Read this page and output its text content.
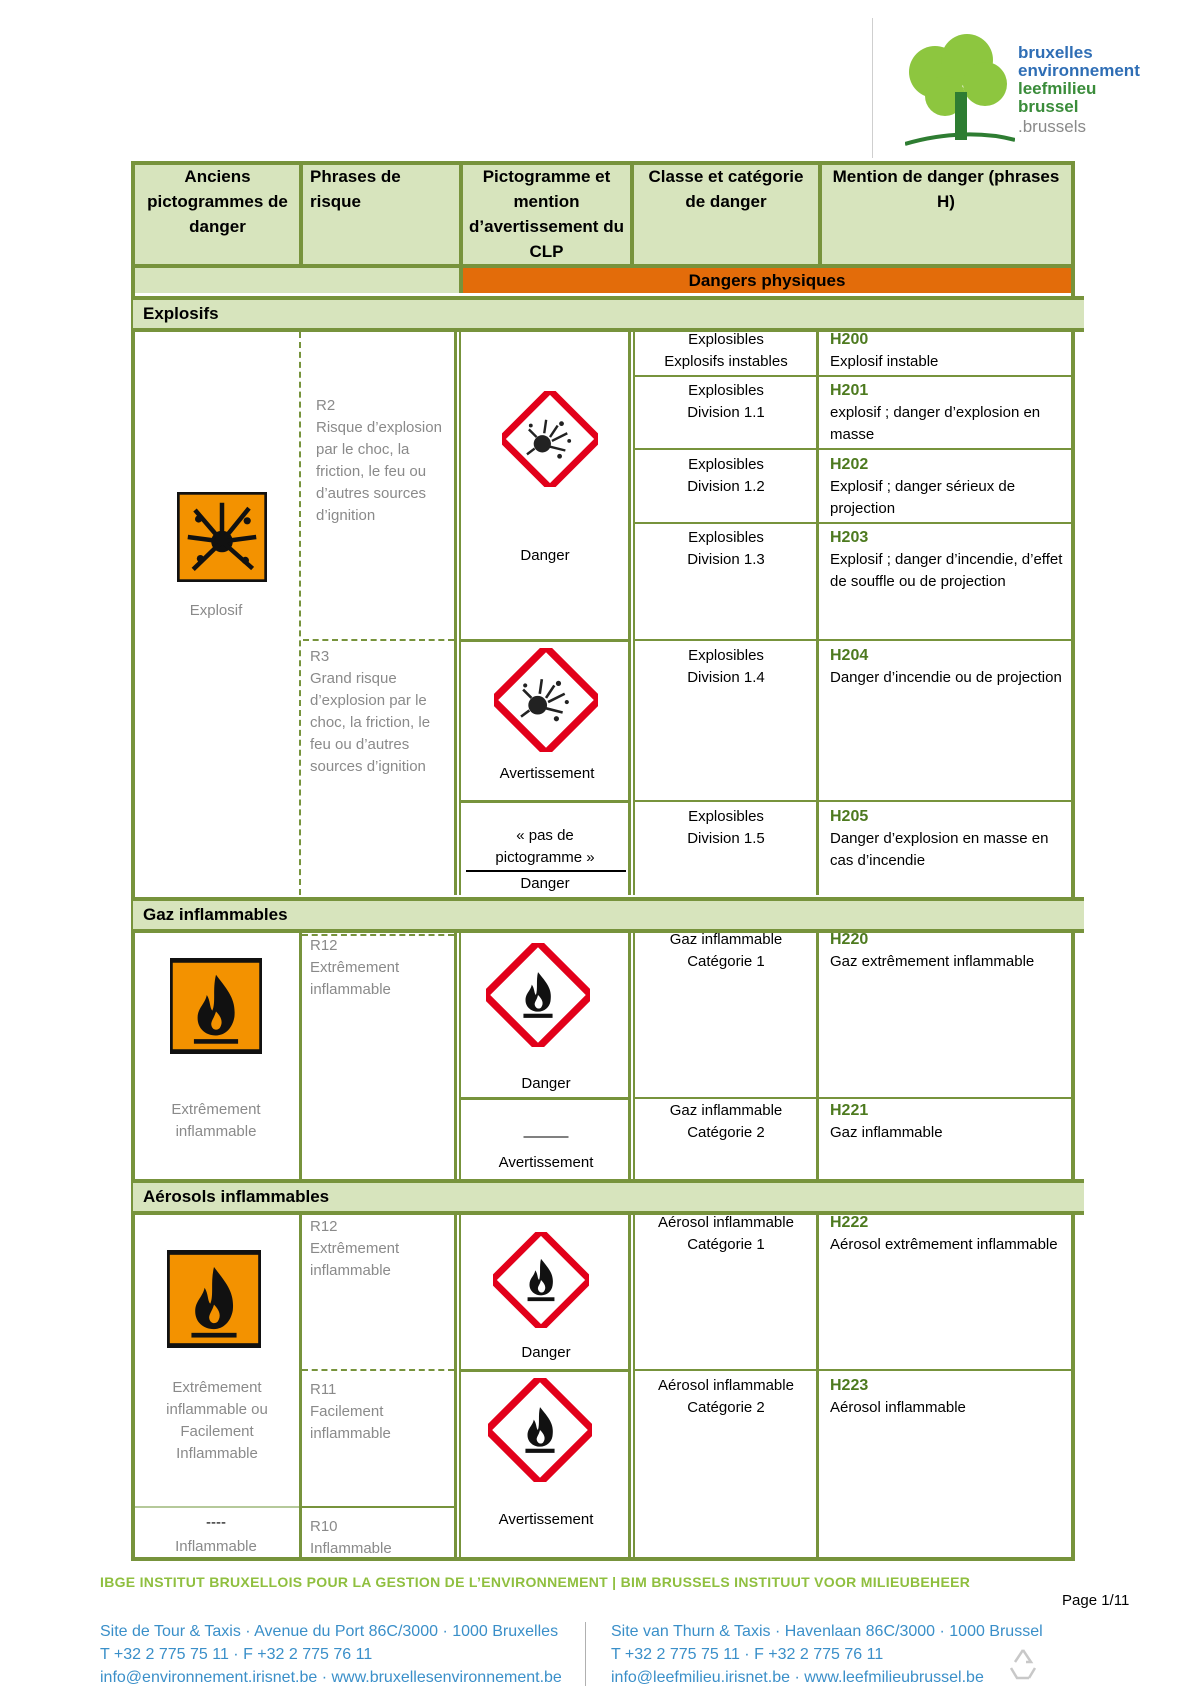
bruxelles
environnement
leefmilieu
brussel
.brussels
Anciens pictogrammes de danger
Phrases de risque
Pictogramme et mention d’avertissement du CLP
Classe et catégorie de danger
Mention de danger (phrases H)
Dangers physiques
Explosifs
Explosif
R2
Risque d’explosion par le choc, la friction, le feu ou d’autres sources d’ignition
R3
Grand risque d’explosion par le choc, la friction, le feu ou d’autres sources d’ignition
Danger
Avertissement
« pas de pictogramme »
Danger
Explosibles
Explosifs instables
H200
Explosif instable
Explosibles
Division 1.1
H201
explosif ; danger d’explosion en masse
Explosibles
Division 1.2
H202
Explosif ; danger sérieux de projection
Explosibles
Division 1.3
H203
Explosif ; danger d’incendie, d’effet de souffle ou de projection
Explosibles
Division 1.4
H204
Danger d’incendie ou de projection
Explosibles
Division 1.5
H205
Danger d’explosion en masse en cas d’incendie
Gaz inflammables
Extrêmement inflammable
R12
Extrêmement inflammable
Danger
———
Avertissement
Gaz inflammable
Catégorie 1
H220
Gaz extrêmement inflammable
Gaz inflammable
Catégorie 2
H221
Gaz inflammable
Aérosols inflammables
Extrêmement inflammable ou Facilement Inflammable
----
Inflammable
R12
Extrêmement inflammable
R11
Facilement inflammable
R10
Inflammable
Danger
Avertissement
Aérosol inflammable
Catégorie 1
H222
Aérosol extrêmement inflammable
Aérosol inflammable
Catégorie 2
H223
Aérosol inflammable
IBGE INSTITUT BRUXELLOIS POUR LA GESTION DE L’ENVIRONNEMENT | BIM BRUSSELS INSTITUUT VOOR MILIEUBEHEER
Page 1/11
Site de Tour & Taxis · Avenue du Port 86C/3000 · 1000 Bruxelles
T +32 2 775 75 11 · F +32 2 775 76 11
info@environnement.irisnet.be · www.bruxellesenvironnement.be
Site van Thurn & Taxis · Havenlaan 86C/3000 · 1000 Brussel
T +32 2 775 75 11 · F +32 2 775 76 11
info@leefmilieu.irisnet.be · www.leefmilieubrussel.be
